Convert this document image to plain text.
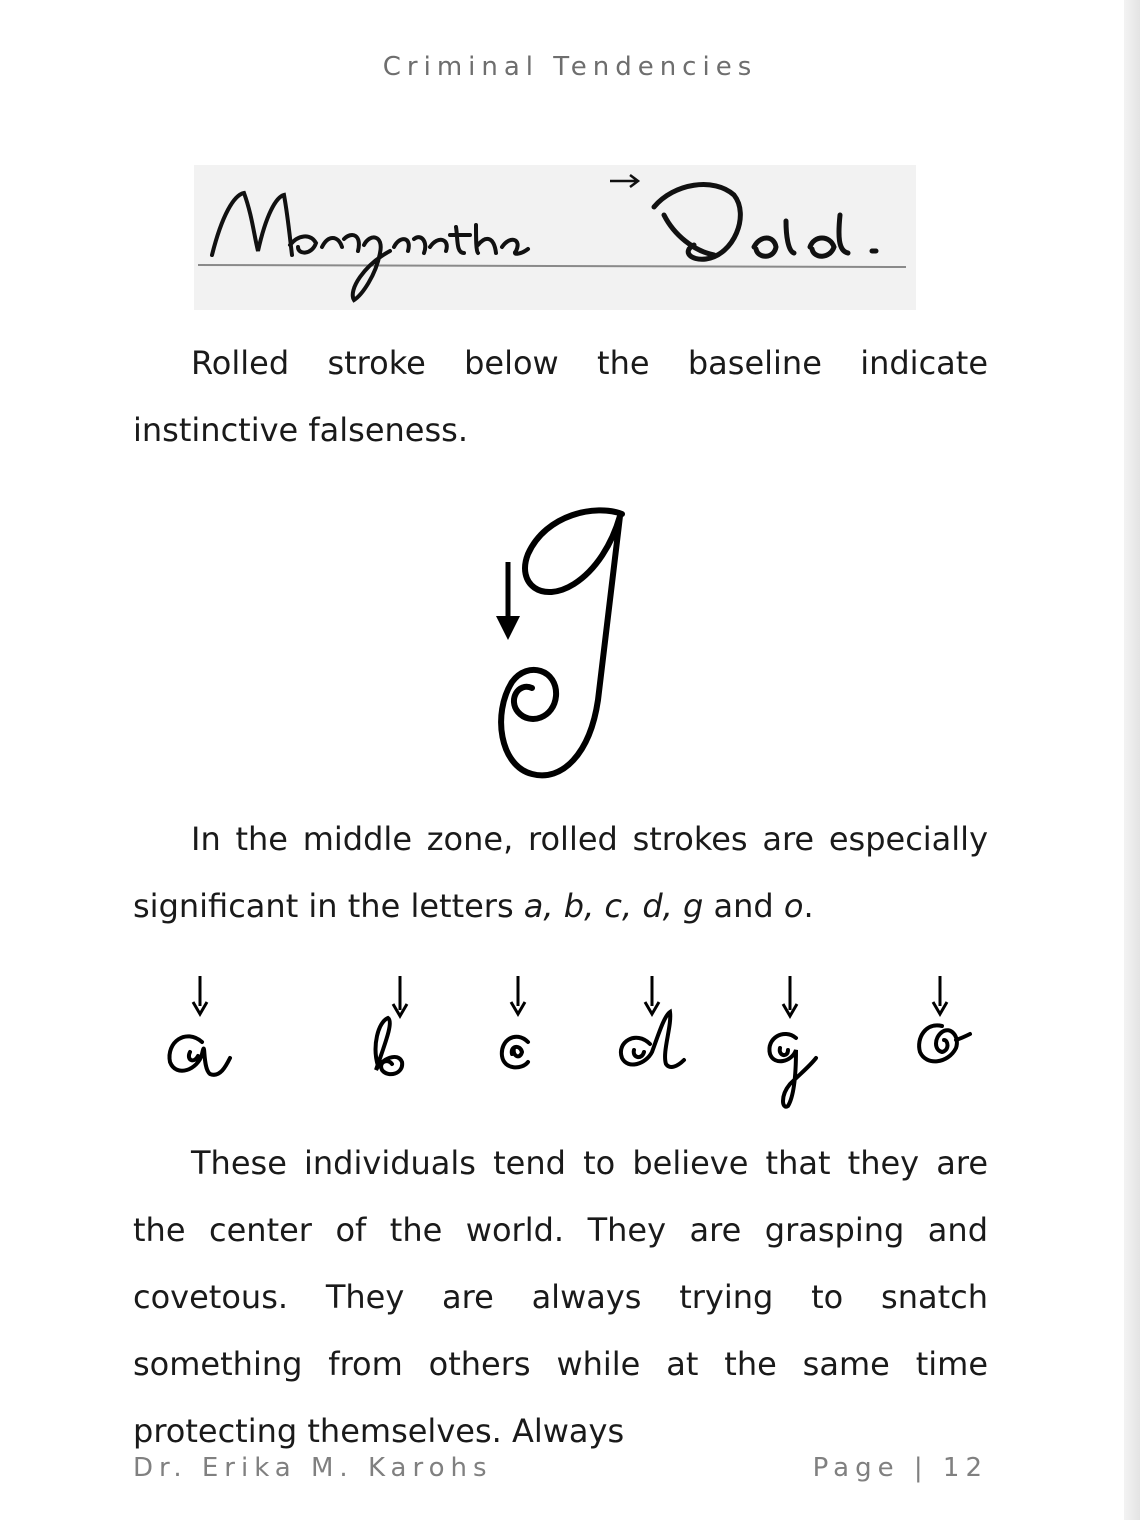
Criminal Tendencies

Rolled stroke below the baseline indicate instinctive falseness.

In the middle zone, rolled strokes are especially significant in the letters a, b, c, d, g and o.

These individuals tend to believe that they are the center of the world. They are grasping and covetous. They are always trying to snatch something from others while at the same time protecting themselves. Always

Dr. Erika M. Karohs	Page | 12
